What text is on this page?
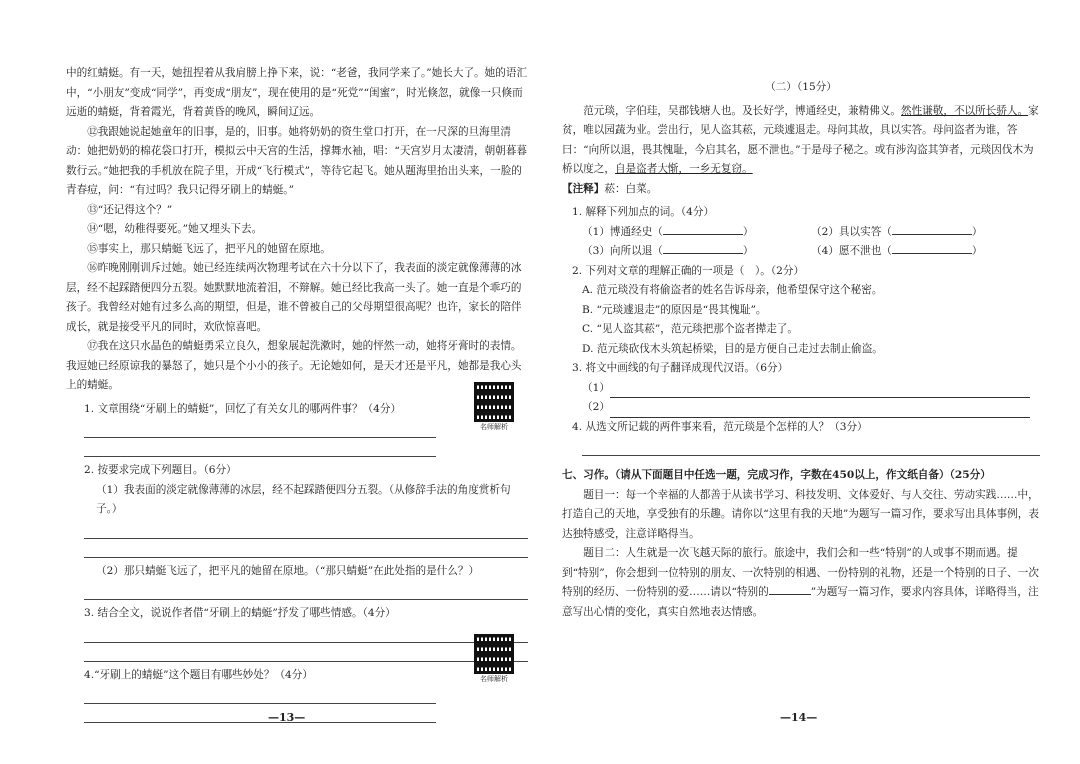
中的红蜻蜓。有一天，她扭捏着从我肩膀上挣下来，说：“老爸，我同学来了。”她长大了。她的语汇中，“小朋友”变成“同学”，再变成“朋友”，现在使用的是“死党”“闺蜜”，时光倏忽，就像一只倏而远逝的蜻蜓，背着霞光，背着黄昏的晚风，瞬间辽远。

⑫我跟她说起她童年的旧事，是的，旧事。她将奶奶的资生堂口打开，在一尺深的旦海里清动：她把奶奶的棉花袋口打开，模拟云中天宫的生活，撑舞水袖，唱：“天宫岁月太凄清，朝朝暮暮数行云。”她把我的手机放在院子里，开成“飞行模式”，等待它起飞。她从题海里抬出头来，一脸的青春痘，问：“有过吗？我只记得牙刷上的蜻蜓。”

⑬“还记得这个？”

⑭“嗯，幼稚得要死。”她又埋头下去。

⑮事实上，那只蜻蜓飞远了，把平凡的她留在原地。

⑯昨晚刚刚训斥过她。她已经连续两次物理考试在六十分以下了，我表面的淡定就像薄薄的冰层，经不起踩踏便四分五裂。她默默地流着泪，不辩解。她已经比我高一头了。她一直是个乖巧的孩子。我曾经对她有过多么高的期望，但是，谁不曾被自己的父母期望很高呢？也许，家长的陪伴成长，就是接受平凡的同时，欢欣惊喜吧。

⑰我在这只水晶色的蜻蜓勇采立良久，想象展起洗漱时，她的怦然一动，她将牙膏时的表情。我逗她已经原谅我的暴怒了，她只是个小小的孩子。无论她如何，是天才还是平凡，她都是我心头上的蜻蜓。

1. 文章围绕“牙刷上的蜻蜓”，回忆了有关女儿的哪两件事？（4分）

2. 按要求完成下列题目。（6分）

（1）我表面的淡定就像薄薄的冰层，经不起踩踏便四分五裂。（从修辞手法的角度赏析句子。）

（2）那只蜻蜓飞远了，把平凡的她留在原地。（“那只蜻蜓”在此处指的是什么？）

3. 结合全文，说说作者借“牙刷上的蜻蜓”抒发了哪些情感。（4分）

4.“牙刷上的蜻蜓”这个题目有哪些妙处？（4分）

名师解析
名师解析
—13—

（二）（15分）

范元琰，字伯珪，吴郡钱塘人也。及长好学，博通经史，兼精佛义。然性谦敬，不以所长骄人。家贫，唯以园蔬为业。尝出行，见人盗其菘，元琰遽退走。母问其故，具以实答。母问盗者为谁，答曰：“向所以退，畏其愧耻，今启其名，愿不泄也。”于是母子秘之。或有涉沟盗其笋者，元琰因伐木为桥以度之，自是盗者大惭，一乡无复窃。

【注释】菘：白菜。

1. 解释下列加点的词。（4分）

（1）博通经史（	）	（2）具以实答（	）
（3）向所以退（	）	（4）愿不泄也（	）

2. 下列对文章的理解正确的一项是（　）。（2分）

A. 范元琰没有将偷盗者的姓名告诉母亲，他希望保守这个秘密。

B. “元琰遽退走”的原因是“畏其愧耻”。

C. “见人盗其菘”，范元琰把那个盗者撵走了。

D. 范元琰砍伐木头筑起桥梁，目的是方便自己走过去制止偷盗。

3. 将文中画线的句子翻译成现代汉语。（6分）

（1）

（2）

4. 从选文所记载的两件事来看，范元琰是个怎样的人？（3分）

七、习作。（请从下面题目中任选一题，完成习作，字数在450以上，作文纸自备）（25分）

题目一：每一个幸福的人都善于从读书学习、科技发明、文体爱好、与人交往、劳动实践……中，打造自己的天地，享受独有的乐趣。请你以“这里有我的天地”为题写一篇习作，要求写出具体事例，表达独特感受，注意详略得当。

题目二：人生就是一次飞越天际的旅行。旅途中，我们会和一些“特别”的人或事不期而遇。提到“特别”，你会想到一位特别的朋友、一次特别的相遇、一份特别的礼物，还是一个特别的日子、一次特别的经历、一份特别的爱……请以“特别的	”为题写一篇习作，要求内容具体，详略得当，注意写出心情的变化，真实自然地表达情感。

—14—
